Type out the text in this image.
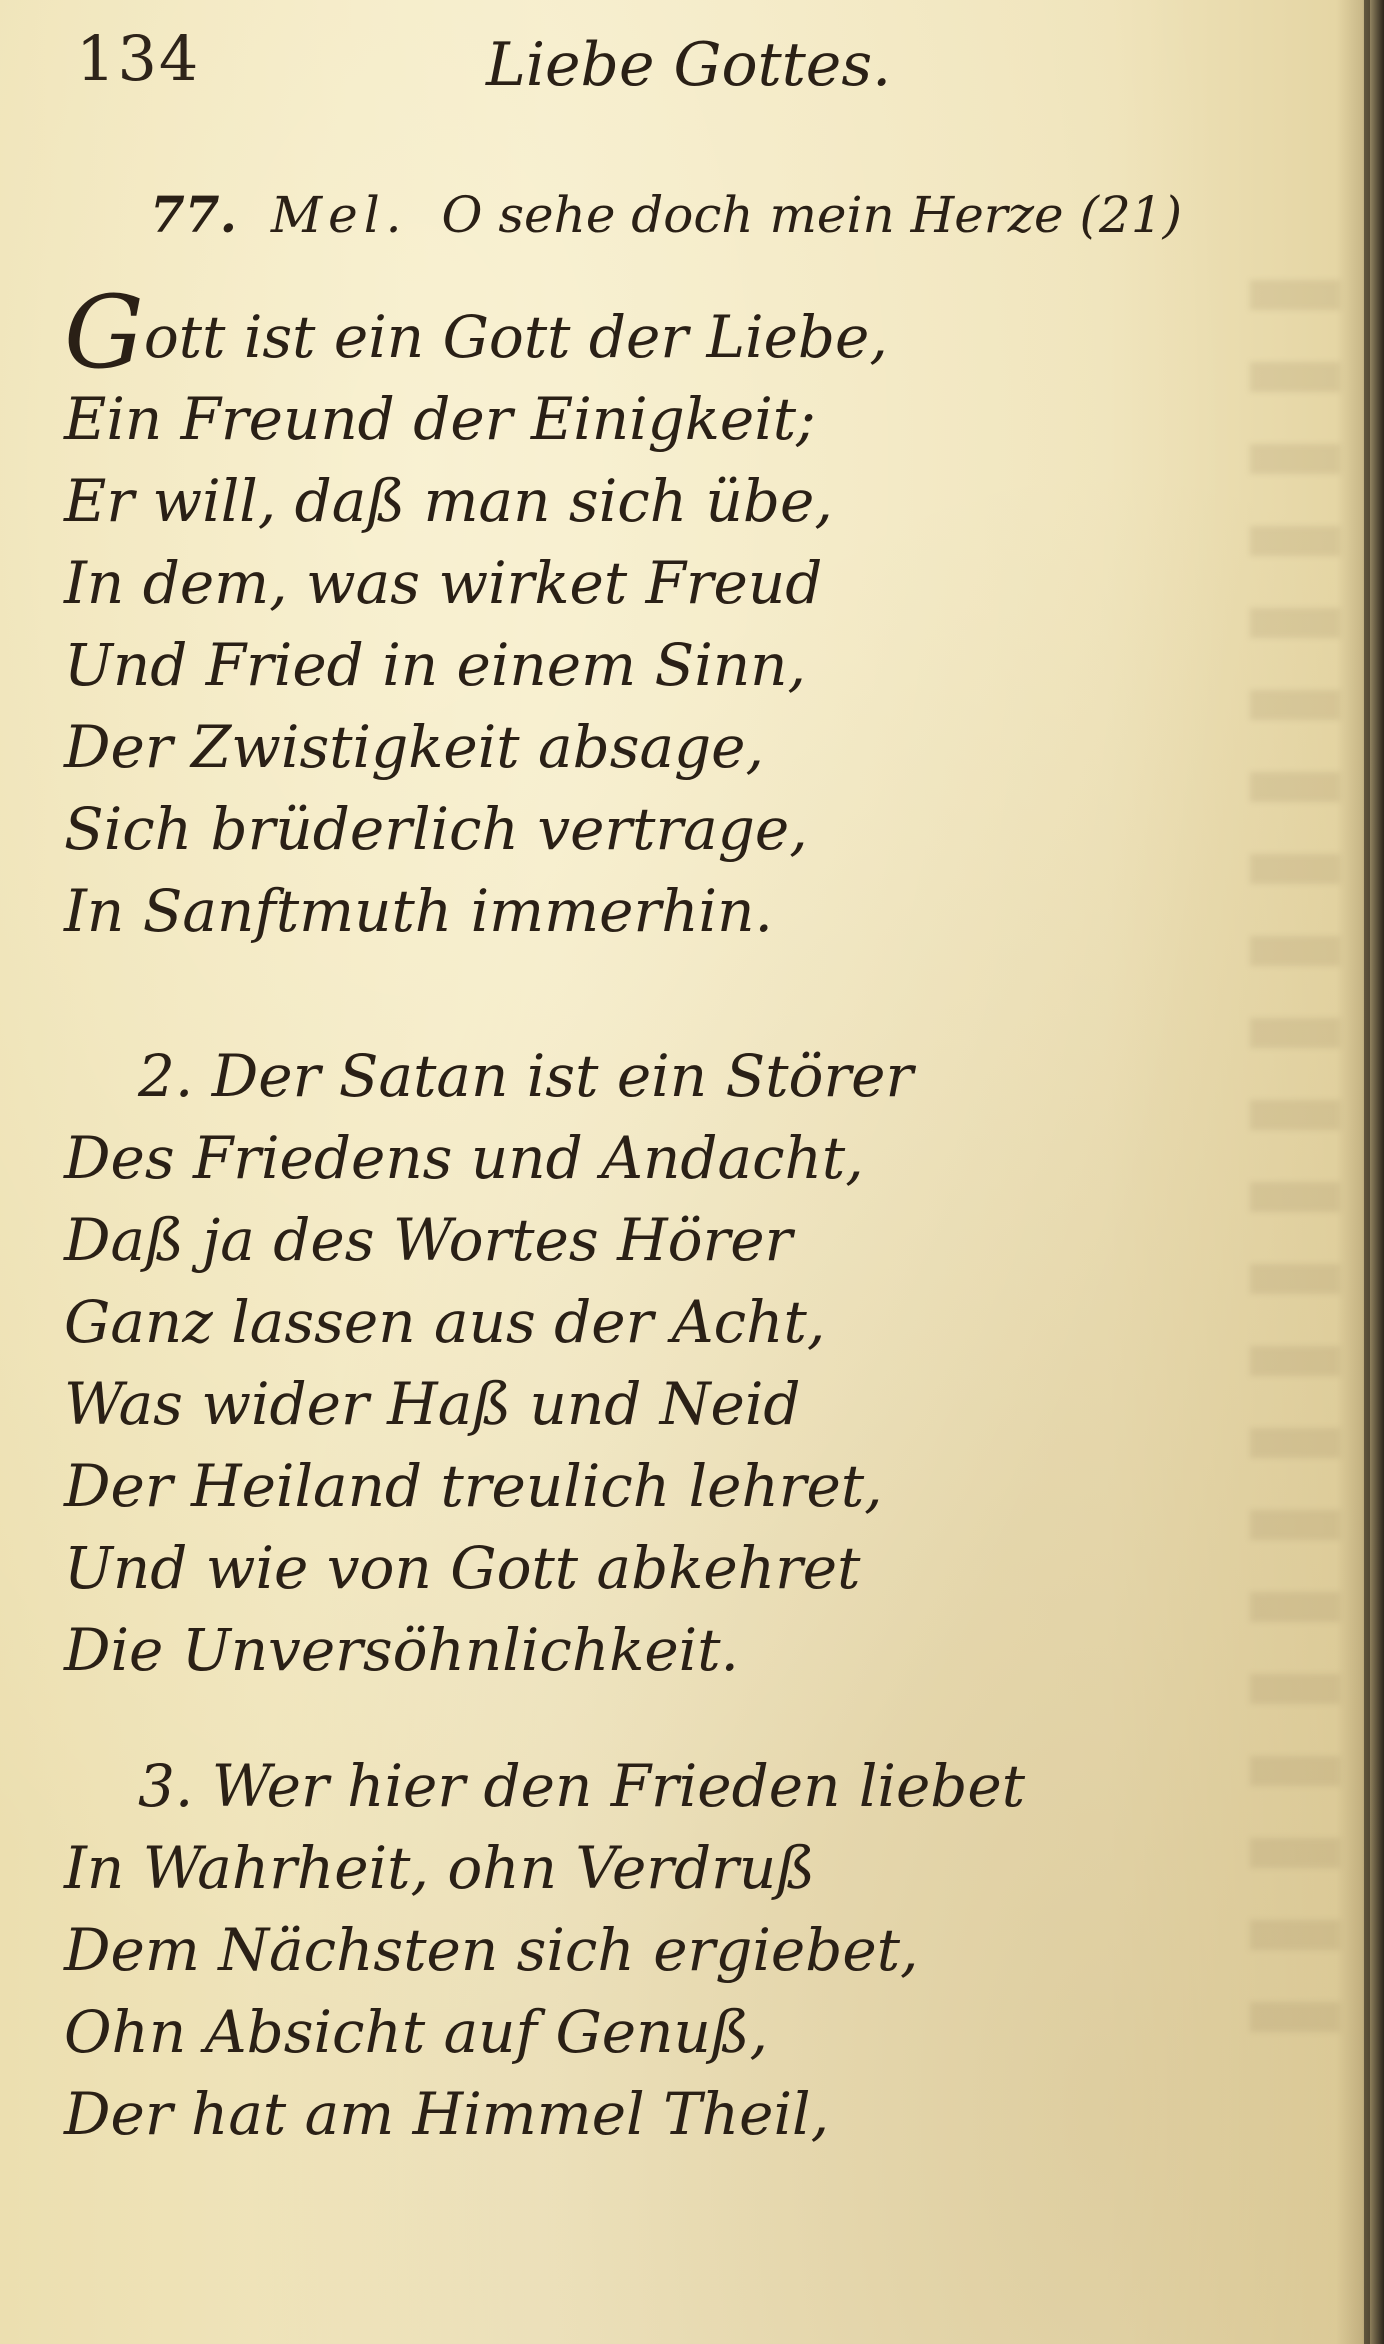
134	Liebe Gottes.
77. Mel. O sehe doch mein Herze (21)
Gott ist ein Gott der Liebe,
Ein Freund der Einigkeit;
Er will, daß man sich übe,
In dem, was wirket Freud
Und Fried in einem Sinn,
Der Zwistigkeit absage,
Sich brüderlich vertrage,
In Sanftmuth immerhin.
2. Der Satan ist ein Störer
Des Friedens und Andacht,
Daß ja des Wortes Hörer
Ganz lassen aus der Acht,
Was wider Haß und Neid
Der Heiland treulich lehret,
Und wie von Gott abkehret
Die Unversöhnlichkeit.
3. Wer hier den Frieden liebet
In Wahrheit, ohn Verdruß
Dem Nächsten sich ergiebet,
Ohn Absicht auf Genuß,
Der hat am Himmel Theil,
